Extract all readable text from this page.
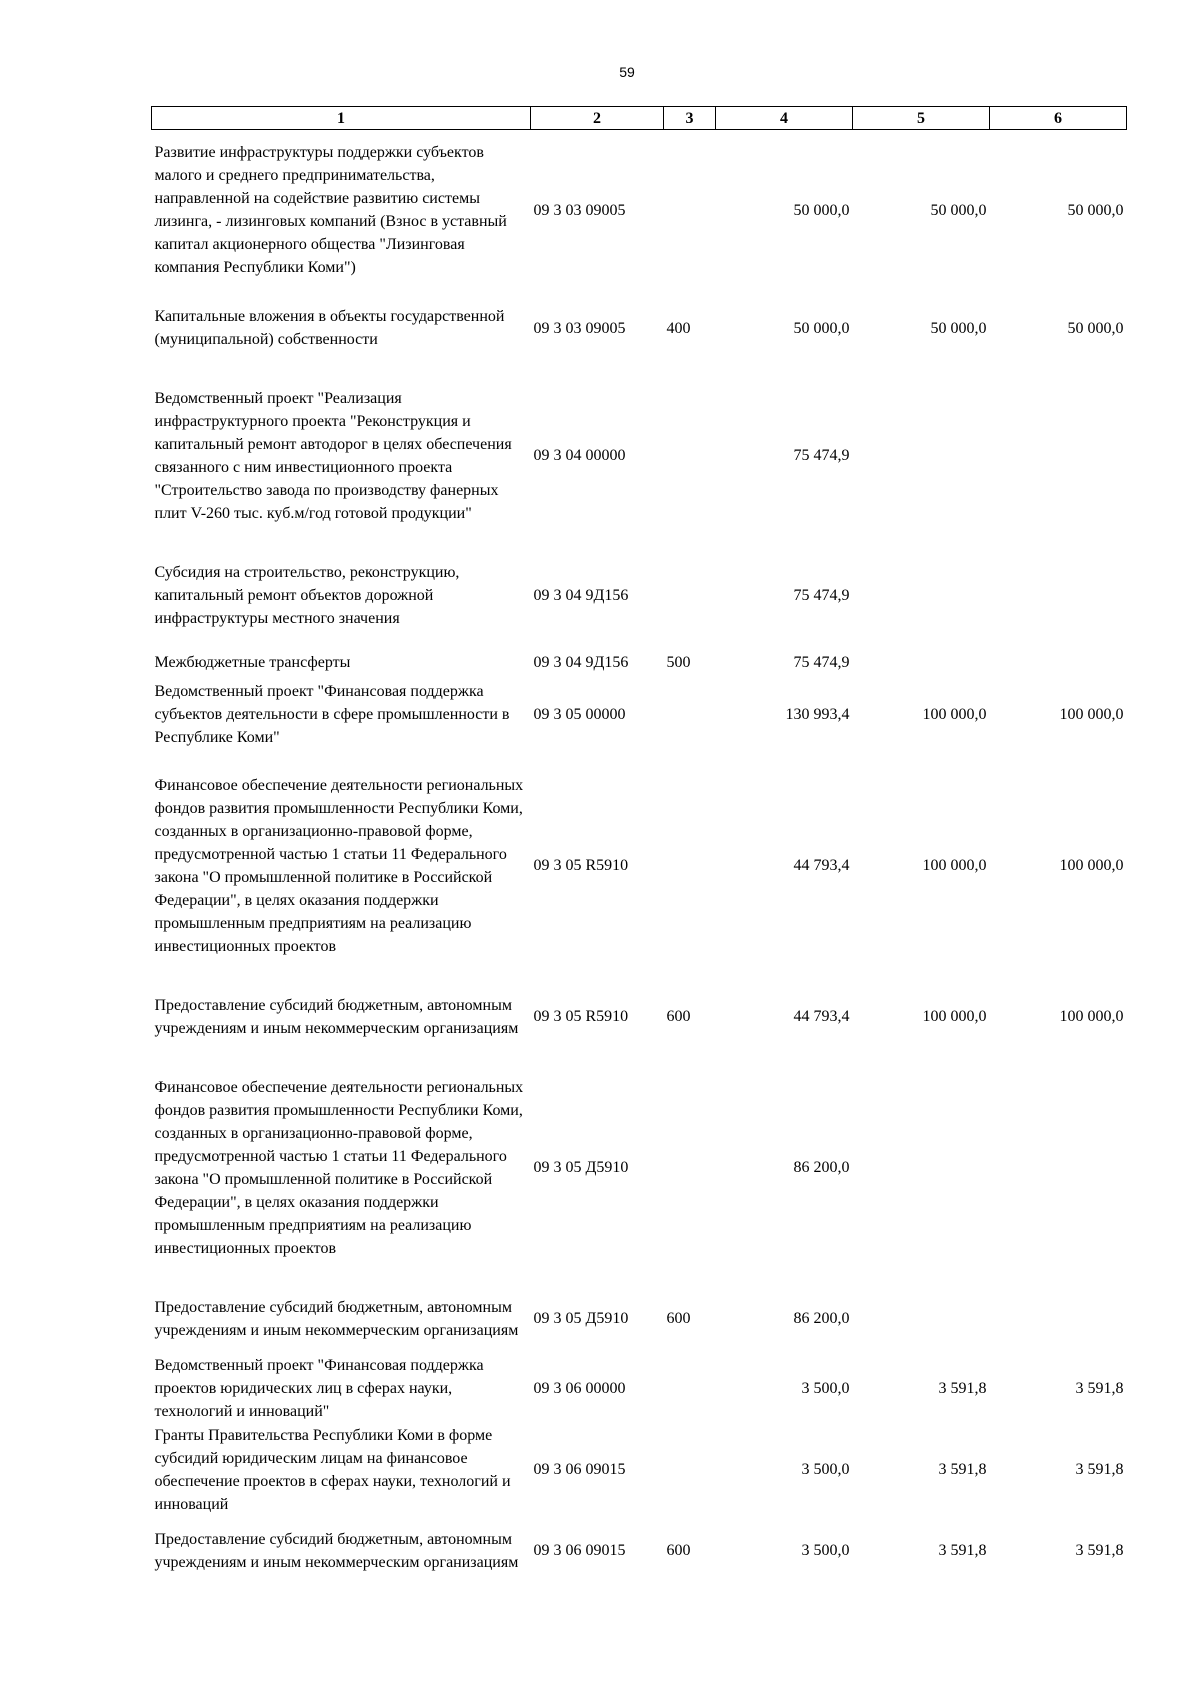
59
1	2	3	4	5	6
Развитие инфраструктуры поддержки субъектов малого и среднего предпринимательства, направленной на содействие развитию системы лизинга, - лизинговых компаний (Взнос в уставный капитал акционерного общества "Лизинговая компания Республики Коми")	09 3 03 09005		50 000,0	50 000,0	50 000,0
Капитальные вложения в объекты государственной (муниципальной) собственности	09 3 03 09005	400	50 000,0	50 000,0	50 000,0
Ведомственный проект "Реализация инфраструктурного проекта "Реконструкция и капитальный ремонт автодорог в целях обеспечения связанного с ним инвестиционного проекта "Строительство завода по производству фанерных плит V-260 тыс. куб.м/год готовой продукции"	09 3 04 00000		75 474,9		
Субсидия на строительство, реконструкцию, капитальный ремонт объектов дорожной инфраструктуры местного значения	09 3 04 9Д156		75 474,9		
Межбюджетные трансферты	09 3 04 9Д156	500	75 474,9		
Ведомственный проект "Финансовая поддержка субъектов деятельности в сфере промышленности в Республике Коми"	09 3 05 00000		130 993,4	100 000,0	100 000,0
Финансовое обеспечение деятельности региональных фондов развития промышленности Республики Коми, созданных в организационно-правовой форме, предусмотренной частью 1 статьи 11 Федерального закона "О промышленной политике в Российской Федерации", в целях оказания поддержки промышленным предприятиям на реализацию инвестиционных проектов	09 3 05 R5910		44 793,4	100 000,0	100 000,0
Предоставление субсидий бюджетным, автономным учреждениям и иным некоммерческим организациям	09 3 05 R5910	600	44 793,4	100 000,0	100 000,0
Финансовое обеспечение деятельности региональных фондов развития промышленности Республики Коми, созданных в организационно-правовой форме, предусмотренной частью 1 статьи 11 Федерального закона "О промышленной политике в Российской Федерации", в целях оказания поддержки промышленным предприятиям на реализацию инвестиционных проектов	09 3 05 Д5910		86 200,0		
Предоставление субсидий бюджетным, автономным учреждениям и иным некоммерческим организациям	09 3 05 Д5910	600	86 200,0		
Ведомственный проект "Финансовая поддержка проектов юридических лиц в сферах науки, технологий и инноваций"	09 3 06 00000		3 500,0	3 591,8	3 591,8
Гранты Правительства Республики Коми в форме субсидий юридическим лицам на финансовое обеспечение проектов в сферах науки, технологий и инноваций	09 3 06 09015		3 500,0	3 591,8	3 591,8
Предоставление субсидий бюджетным, автономным учреждениям и иным некоммерческим организациям	09 3 06 09015	600	3 500,0	3 591,8	3 591,8
